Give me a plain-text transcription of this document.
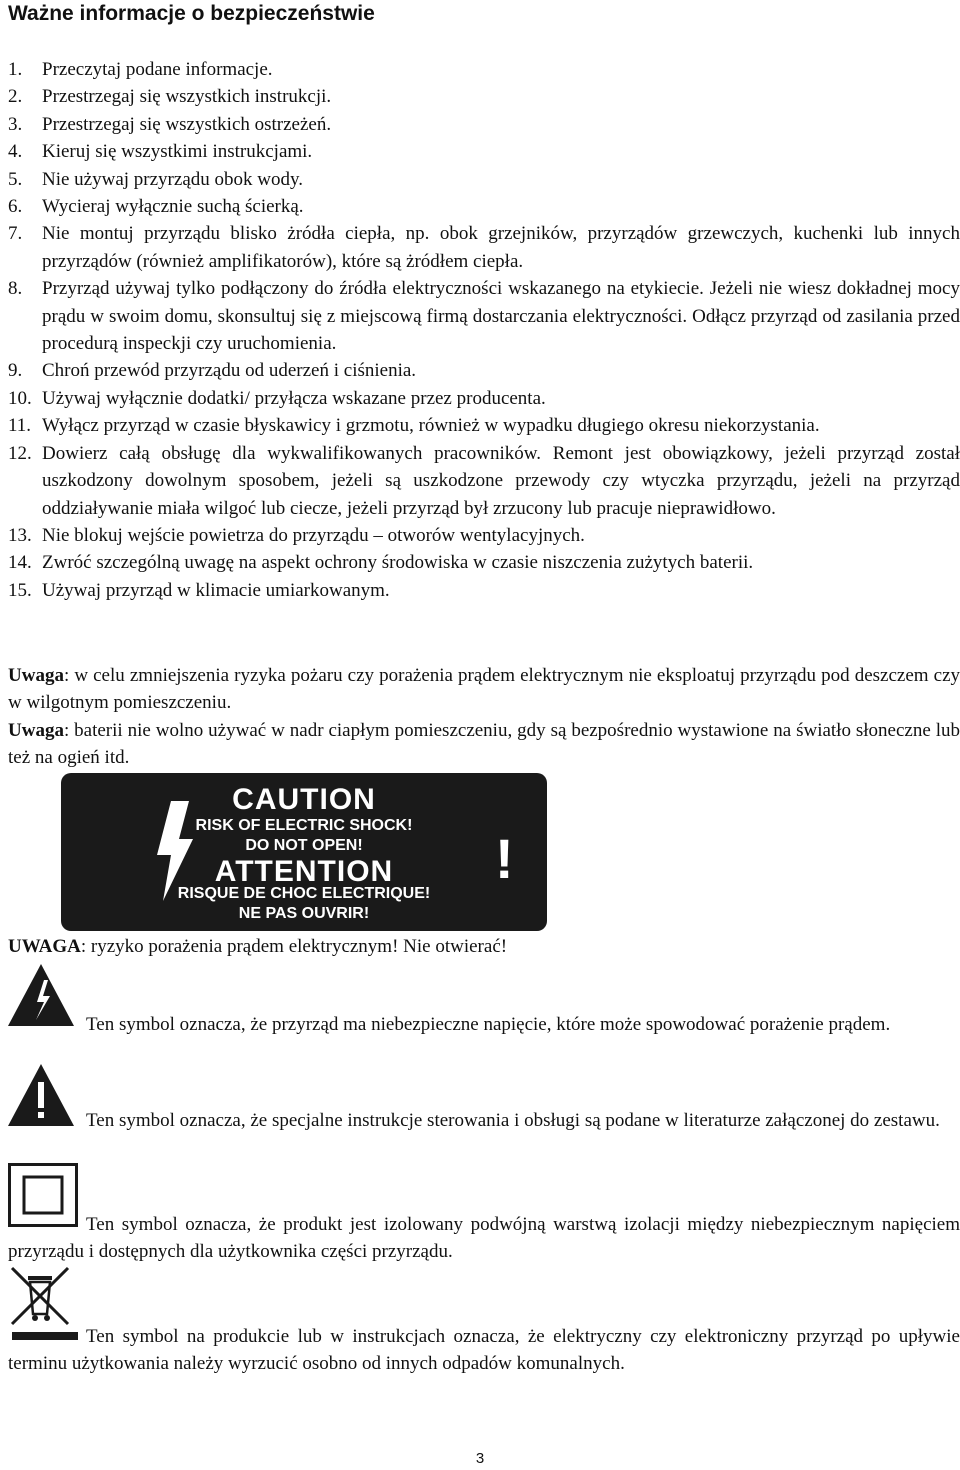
Ważne informacje o bezpieczeństwie
1. Przeczytaj podane informacje.
2. Przestrzegaj się wszystkich instrukcji.
3. Przestrzegaj się wszystkich ostrzeżeń.
4. Kieruj się wszystkimi instrukcjami.
5. Nie używaj przyrządu obok wody.
6. Wycieraj wyłącznie suchą ścierką.
7. Nie montuj przyrządu blisko żródła ciepła, np. obok grzejników, przyrządów grzewczych, kuchenki lub innych przyrządów (również amplifikatorów), które są żródłem ciepła.
8. Przyrząd używaj tylko podłączony do źródła elektryczności wskazanego na etykiecie. Jeżeli nie wiesz dokładnej mocy prądu w swoim domu, skonsultuj się z miejscową firmą dostarczania elektryczności. Odłącz przyrząd od zasilania przed procedurą inspeckji czy uruchomienia.
9. Chroń przewód przyrządu od uderzeń i ciśnienia.
10. Używaj wyłącznie dodatki/ przyłącza wskazane przez producenta.
11. Wyłącz przyrząd w czasie błyskawicy i grzmotu, również w wypadku długiego okresu niekorzystania.
12. Dowierz całą obsługę dla wykwalifikowanych pracowników. Remont jest obowiązkowy, jeżeli przyrząd został uszkodzony dowolnym sposobem, jeżeli są uszkodzone przewody czy wtyczka przyrządu, jeżeli na przyrząd oddziaływanie miała wilgoć lub ciecze, jeżeli przyrząd był zrzucony lub pracuje nieprawidłowo.
13. Nie blokuj wejście powietrza do przyrządu – otworów wentylacyjnych.
14. Zwróć szczególną uwagę na aspekt ochrony środowiska w czasie niszczenia zużytych baterii.
15. Używaj przyrząd w klimacie umiarkowanym.

Uwaga: w celu zmniejszenia ryzyka pożaru czy porażenia prądem elektrycznym nie eksploatuj przyrządu pod deszczem czy w wilgotnym pomieszczeniu.

Uwaga: baterii nie wolno używać w nadr ciapłym pomieszczeniu, gdy są bezpośrednio wystawione na światło słoneczne lub też na ogień itd.

!
CAUTION
RISK OF ELECTRIC SHOCK!
DO NOT OPEN!
ATTENTION
RISQUE DE CHOC ELECTRIQUE!
NE PAS OUVRIR!
UWAGA: ryzyko porażenia prądem elektrycznym! Nie otwierać!
Ten symbol oznacza, że przyrząd ma niebezpieczne napięcie, które może spowodować porażenie prądem.
Ten symbol oznacza, że specjalne instrukcje sterowania i obsługi są podane w literaturze załączonej do zestawu.
Ten symbol oznacza, że produkt jest izolowany podwójną warstwą izolacji między niebezpiecznym napięciem przyrządu i dostępnych dla użytkownika części przyrządu.
Ten symbol na produkcie lub w instrukcjach oznacza, że elektryczny czy elektroniczny przyrząd po upływie terminu użytkowania należy wyrzucić osobno od innych odpadów komunalnych.
3
